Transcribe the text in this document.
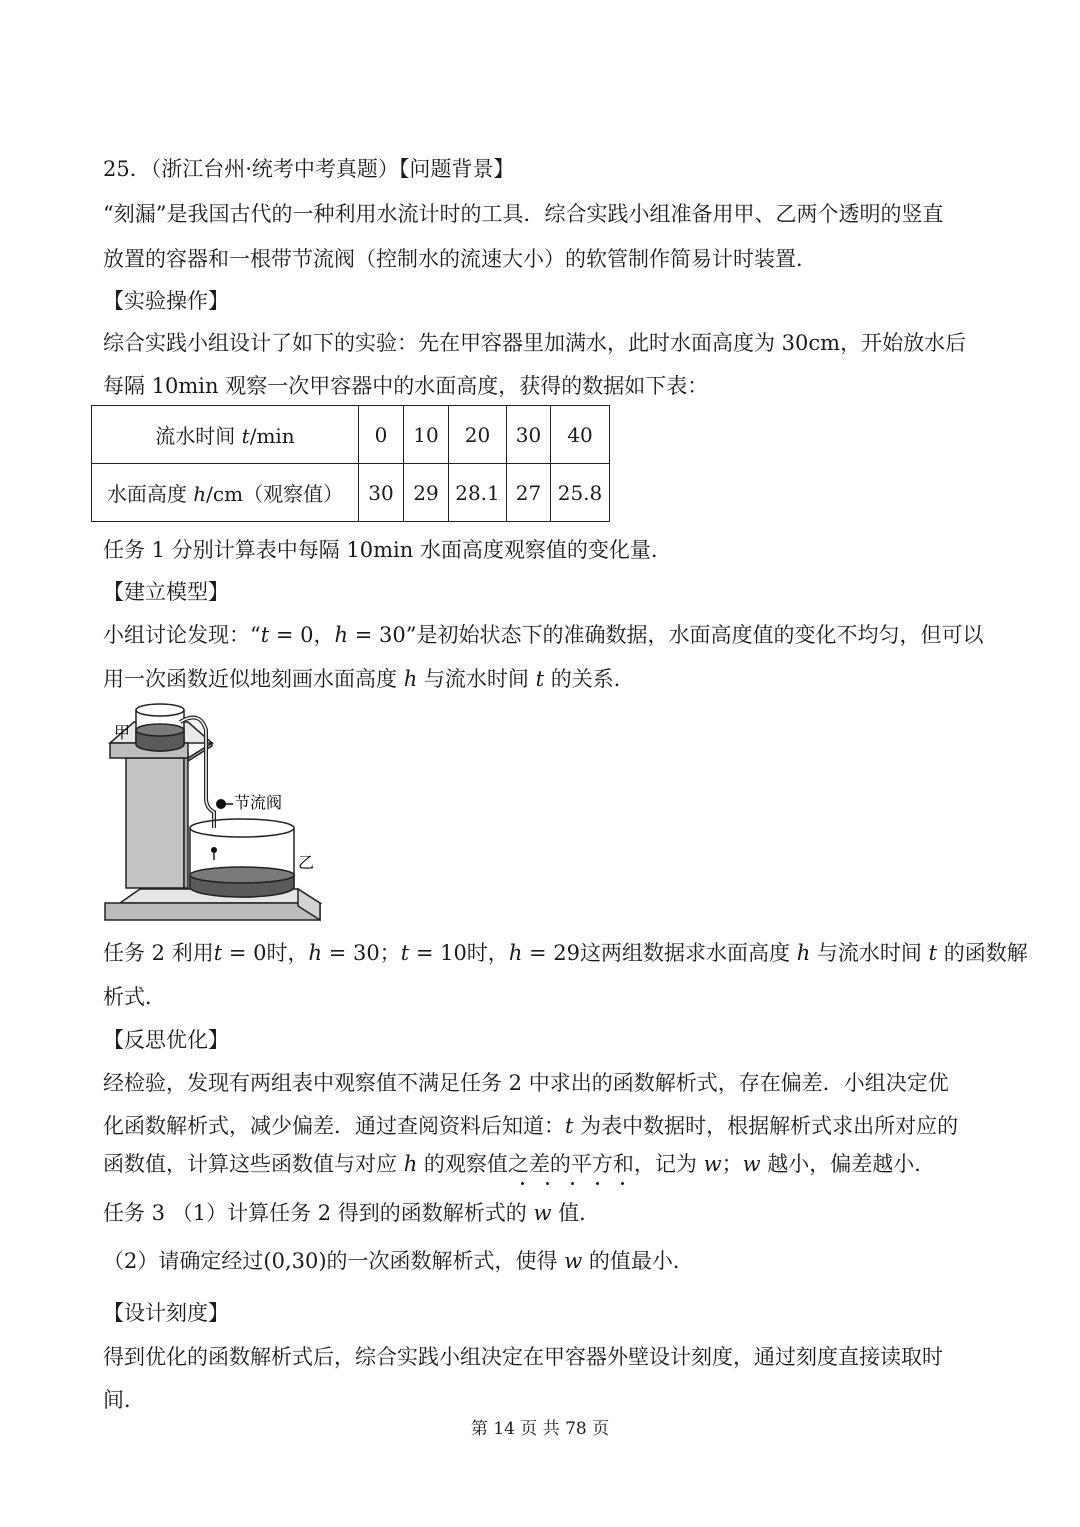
25．（浙江台州·统考中考真题）【问题背景】
“刻漏”是我国古代的一种利用水流计时的工具．综合实践小组准备用甲、乙两个透明的竖直
放置的容器和一根带节流阀（控制水的流速大小）的软管制作简易计时装置．
【实验操作】
综合实践小组设计了如下的实验：先在甲容器里加满水，此时水面高度为 30cm，开始放水后
每隔 10min 观察一次甲容器中的水面高度，获得的数据如下表：
流水时间 t/min	0	10	20	30	40
水面高度 h/cm（观察值）	30	29	28.1	27	25.8
任务 1 分别计算表中每隔 10min 水面高度观察值的变化量．
【建立模型】
小组讨论发现：“t = 0，h = 30”是初始状态下的准确数据，水面高度值的变化不均匀，但可以
用一次函数近似地刻画水面高度 h 与流水时间 t 的关系．
甲
节流阀
乙
任务 2 利用t = 0时，h = 30；t = 10时，h = 29这两组数据求水面高度 h 与流水时间 t 的函数解
析式．
【反思优化】
经检验，发现有两组表中观察值不满足任务 2 中求出的函数解析式，存在偏差．小组决定优
化函数解析式，减少偏差．通过查阅资料后知道：t 为表中数据时，根据解析式求出所对应的
函数值，计算这些函数值与对应 h 的观察值之差的平方和，记为 w；w 越小，偏差越小．
任务 3 （1）计算任务 2 得到的函数解析式的 w 值．
（2）请确定经过(0,30)的一次函数解析式，使得 w 的值最小．
【设计刻度】
得到优化的函数解析式后，综合实践小组决定在甲容器外壁设计刻度，通过刻度直接读取时
间．
第 14 页 共 78 页
